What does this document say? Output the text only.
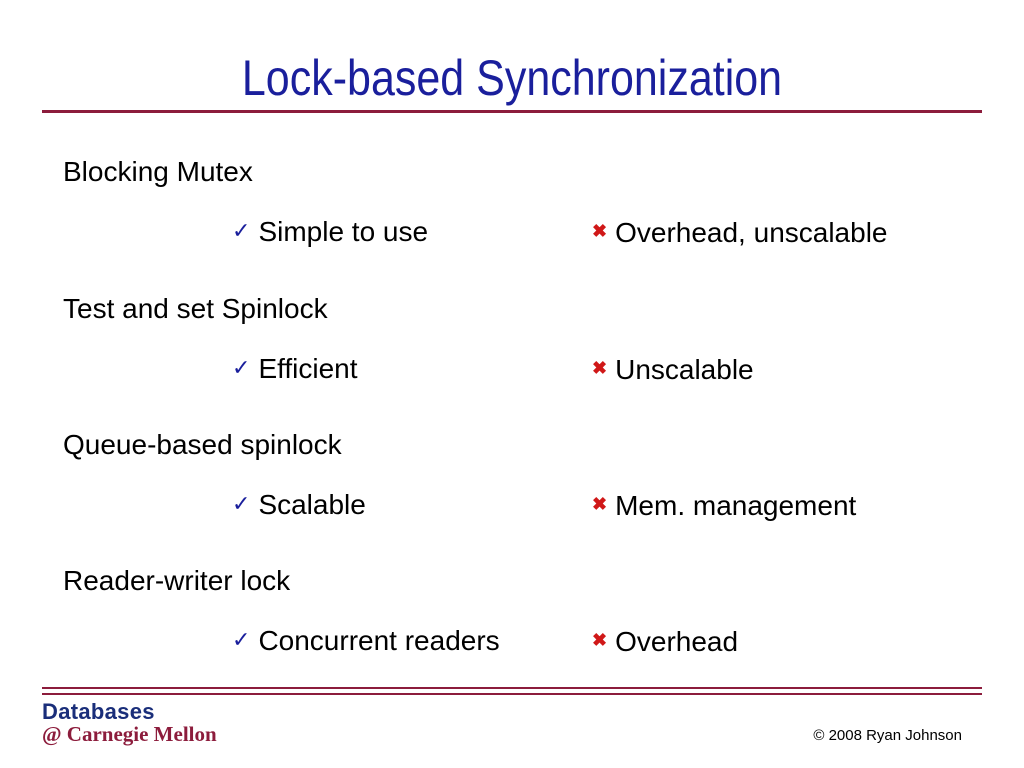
Lock-based Synchronization
Blocking Mutex
✓ Simple to use	✖ Overhead, unscalable
Test and set Spinlock
✓ Efficient	✖ Unscalable
Queue-based spinlock
✓ Scalable	✖ Mem. management
Reader-writer lock
✓ Concurrent readers	✖ Overhead
Databases
@ Carnegie Mellon	© 2008 Ryan Johnson
